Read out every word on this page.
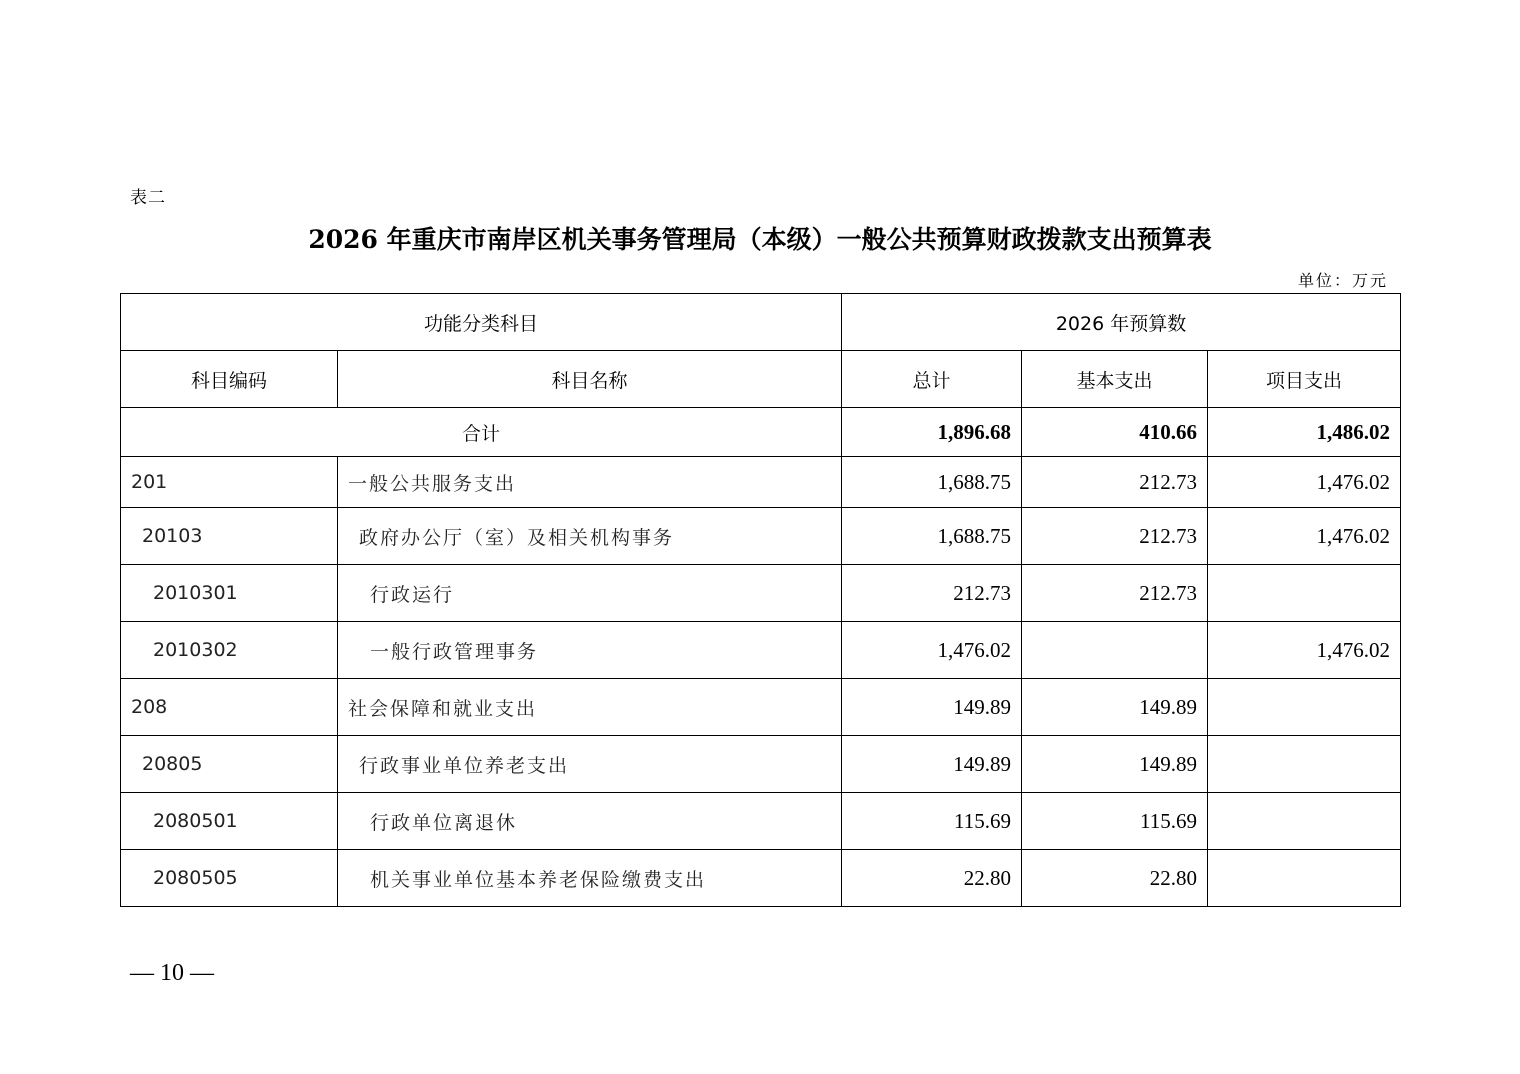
表二
2026 年重庆市南岸区机关事务管理局（本级）一般公共预算财政拨款支出预算表
单位：万元
功能分类科目		2026 年预算数		
科目编码	科目名称	总计	基本支出	项目支出
合计		1,896.68	410.66	1,486.02
201	一般公共服务支出	1,688.75	212.73	1,476.02
20103	政府办公厅（室）及相关机构事务	1,688.75	212.73	1,476.02
2010301	行政运行	212.73	212.73	
2010302	一般行政管理事务	1,476.02		1,476.02
208	社会保障和就业支出	149.89	149.89	
20805	行政事业单位养老支出	149.89	149.89	
2080501	行政单位离退休	115.69	115.69	
2080505	机关事业单位基本养老保险缴费支出	22.80	22.80	
— 10 —
